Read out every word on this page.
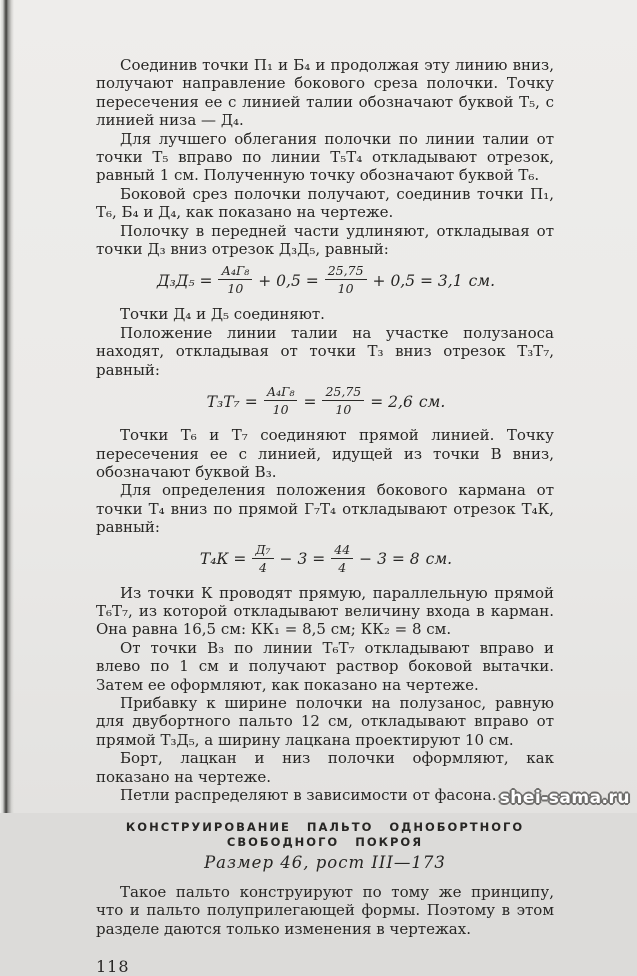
Соединив точки П₁ и Б₄ и продолжая эту линию вниз, получают направление бокового среза полочки. Точку пересечения ее с линией талии обозначают буквой Т₅, с линией низа — Д₄.

Для лучшего облегания полочки по линии талии от точки Т₅ вправо по линии Т₅Т₄ откладывают отрезок, равный 1 см. Полученную точку обозначают буквой Т₆.

Боковой срез полочки получают, соединив точки П₁, Т₆, Б₄ и Д₄, как показано на чертеже.

Полочку в передней части удлиняют, откладывая от точки Д₃ вниз отрезок Д₃Д₅, равный:

$Д_3Д_5 = \frac{\text{А₄Г₈}}{10} + 0,5 = \frac{25,75}{10} + 0,5 = 3,1$ см.

Точки Д₄ и Д₅ соединяют.

Положение линии талии на участке полузаноса находят, откладывая от точки Т₃ вниз отрезок Т₃Т₇, равный:

$Т_3Т_7 = \frac{\text{А₄Г₈}}{10} = \frac{25,75}{10} = 2,6$ см.

Точки Т₆ и Т₇ соединяют прямой линией. Точку пересечения ее с линией, идущей из точки В вниз, обозначают буквой В₃.

Для определения положения бокового кармана от точки Т₄ вниз по прямой Г₇Т₄ откладывают отрезок Т₄К, равный:

$Т_4К = \frac{\text{Д₇}}{4} - 3 = \frac{44}{4} - 3 = 8$ см.

Из точки К проводят прямую, параллельную прямой Т₆Т₇, из которой откладывают величину входа в карман. Она равна 16,5 см: КК₁ = 8,5 см; КК₂ = 8 см.

От точки В₃ по линии Т₆Т₇ откладывают вправо и влево по 1 см и получают раствор боковой вытачки. Затем ее оформляют, как показано на чертеже.

Прибавку к ширине полочки на полузанос, равную для двубортного пальто 12 см, откладывают вправо от прямой Т₃Д₅, а ширину лацкана проектируют 10 см.

Борт, лацкан и низ полочки оформляют, как показано на чертеже.

Петли распределяют в зависимости от фасона.

КОНСТРУИРОВАНИЕ ПАЛЬТО ОДНОБОРТНОГО СВОБОДНОГО ПОКРОЯ
Размер 46, рост III—173

Такое пальто конструируют по тому же принципу, что и пальто полуприлегающей формы. Поэтому в этом разделе даются только изменения в чертежах.

118
shei-sama.ru
